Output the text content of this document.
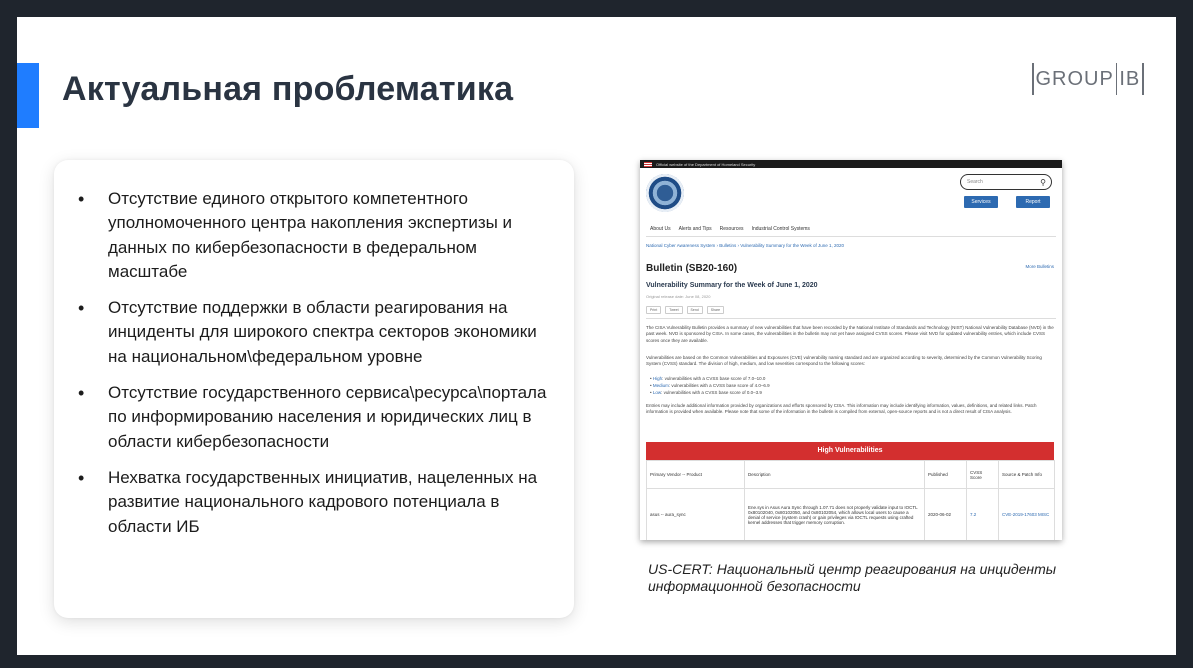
Актуальная проблематика	GROUP IB
• Отсутствие единого открытого компетентного уполномоченного центра накопления экспертизы и данных по кибербезопасности в федеральном масштабе
• Отсутствие поддержки в области реагирования на инциденты для широкого спектра секторов экономики на национальном\федеральном уровне
• Отсутствие государственного сервиса\ресурса\портала по информированию населения и юридических лиц в области кибербезопасности
• Нехватка государственных инициатив, нацеленных на развитие национального кадрового потенциала в области ИБ
Official website of the Department of Homeland Security
Search	⚲
Services	Report
About Us Alerts and Tips Resources Industrial Control Systems
National Cyber Awareness System › Bulletins › Vulnerability Summary for the Week of June 1, 2020
Bulletin (SB20-160)	More Bulletins
Vulnerability Summary for the Week of June 1, 2020
Original release date: June 08, 2020
Print	Tweet	Send	Share
The CISA Vulnerability Bulletin provides a summary of new vulnerabilities that have been recorded by the National Institute of Standards and Technology (NIST) National Vulnerability Database (NVD) in the past week. NVD is sponsored by CISA. In some cases, the vulnerabilities in the bulletin may not yet have assigned CVSS scores. Please visit NVD for updated vulnerability entries, which include CVSS scores once they are available.
Vulnerabilities are based on the Common Vulnerabilities and Exposures (CVE) vulnerability naming standard and are organized according to severity, determined by the Common Vulnerability Scoring System (CVSS) standard. The division of high, medium, and low severities correspond to the following scores:
• High: vulnerabilities with a CVSS base score of 7.0–10.0
• Medium: vulnerabilities with a CVSS base score of 4.0–6.9
• Low: vulnerabilities with a CVSS base score of 0.0–3.9
Entries may include additional information provided by organizations and efforts sponsored by CISA. This information may include identifying information, values, definitions, and related links. Patch information is provided when available. Please note that some of the information in the bulletin is compiled from external, open-source reports and is not a direct result of CISA analysis.
High Vulnerabilities
Primary Vendor -- Product	Description	Published	CVSS Score	Source & Patch Info
asus -- aura_sync	Ene.sys in Asus Aura Sync through 1.07.71 does not properly validate input to IOCTL 0x80102040, 0x80102050, and 0x80102054, which allows local users to cause a denial of service (system crash) or gain privileges via IOCTL requests using crafted kernel addresses that trigger memory corruption.	2020-06-02	7.2	CVE-2019-17603 MISC
US-CERT: Национальный центр реагирования на инциденты информационной безопасности
